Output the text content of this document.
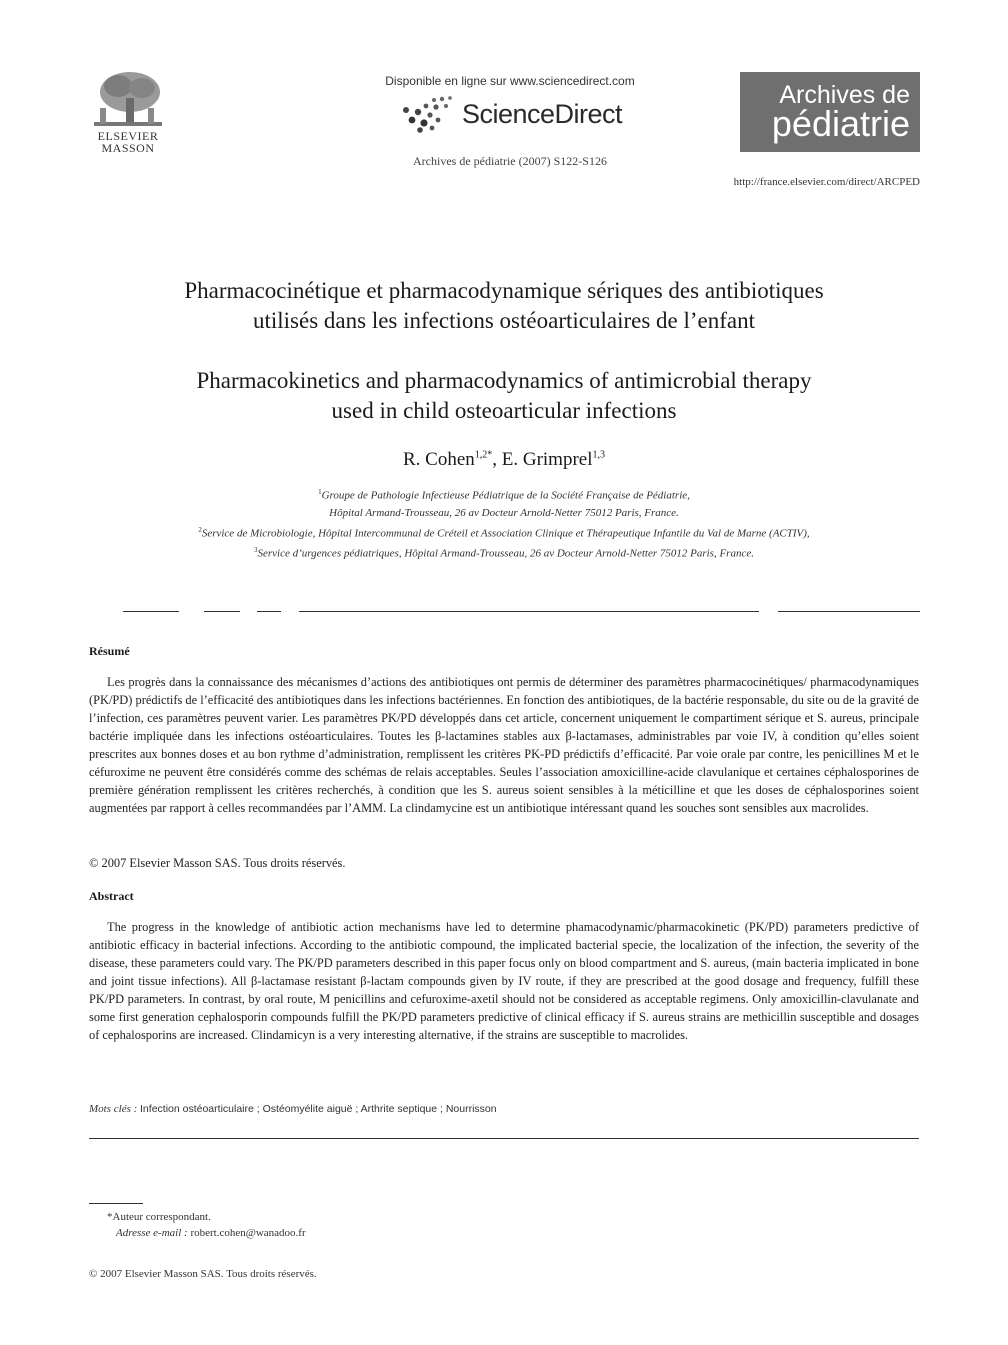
ELSEVIER
MASSON
Disponible en ligne sur www.sciencedirect.com
ScienceDirect
Archives de pédiatrie (2007) S122-S126
Archives de
pédiatrie
http://france.elsevier.com/direct/ARCPED
Pharmacocinétique et pharmacodynamique sériques des antibiotiques
utilisés dans les infections ostéoarticulaires de l’enfant
Pharmacokinetics and pharmacodynamics of antimicrobial therapy
used in child osteoarticular infections
R. Cohen$^{1,2*}$, E. Grimprel$^{1,3}$
$^1$Groupe de Pathologie Infectieuse Pédiatrique de la Société Française de Pédiatrie,
Hôpital Armand-Trousseau, 26 av Docteur Arnold-Netter 75012 Paris, France.
$^2$Service de Microbiologie, Hôpital Intercommunal de Créteil et Association Clinique et Thérapeutique Infantile du Val de Marne (ACTIV),
$^3$Service d’urgences pédiatriques, Hôpital Armand-Trousseau, 26 av Docteur Arnold-Netter 75012 Paris, France.
Résumé
Les progrès dans la connaissance des mécanismes d’actions des antibiotiques ont permis de déterminer des paramètres pharmacocinétiques/ pharmacodynamiques (PK/PD) prédictifs de l’efficacité des antibiotiques dans les infections bactériennes. En fonction des antibiotiques, de la bactérie responsable, du site ou de la gravité de l’infection, ces paramètres peuvent varier. Les paramètres PK/PD développés dans cet article, concernent uniquement le compartiment sérique et S. aureus, principale bactérie impliquée dans les infections ostéoarticulaires. Toutes les β-lactamines stables aux β-lactamases, administrables par voie IV, à condition qu’elles soient prescrites aux bonnes doses et au bon rythme d’administration, remplissent les critères PK-PD prédictifs d’efficacité. Par voie orale par contre, les penicillines M et le céfuroxime ne peuvent être considérés comme des schémas de relais acceptables. Seules l’association amoxicilline-acide clavulanique et certaines céphalosporines de première génération remplissent les critères recherchés, à condition que les S. aureus soient sensibles à la méticilline et que les doses de céphalosporines soient augmentées par rapport à celles recommandées par l’AMM. La clindamycine est un antibiotique intéressant quand les souches sont sensibles aux macrolides.
© 2007 Elsevier Masson SAS. Tous droits réservés.
Abstract
The progress in the knowledge of antibiotic action mechanisms have led to determine phamacodynamic/pharmacokinetic (PK/PD) parameters predictive of antibiotic efficacy in bacterial infections. According to the antibiotic compound, the implicated bacterial specie, the localization of the infection, the severity of the disease, these parameters could vary. The PK/PD parameters described in this paper focus only on blood compartment and S. aureus, (main bacteria implicated in bone and joint tissue infections). All β-lactamase resistant β-lactam compounds given by IV route, if they are prescribed at the good dosage and frequency, fulfill these PK/PD parameters. In contrast, by oral route, M penicillins and cefuroxime-axetil should not be considered as acceptable regimens. Only amoxicillin-clavulanate and some first generation cephalosporin compounds fulfill the PK/PD parameters predictive of clinical efficacy if S. aureus strains are methicillin susceptible and dosages of cephalosporins are increased. Clindamicyn is a very interesting alternative, if the strains are susceptible to macrolides.
Mots clés : Infection ostéoarticulaire ; Ostéomyélite aiguë ; Arthrite septique ; Nourrisson
*Auteur correspondant.
Adresse e-mail : robert.cohen@wanadoo.fr
© 2007 Elsevier Masson SAS. Tous droits réservés.
